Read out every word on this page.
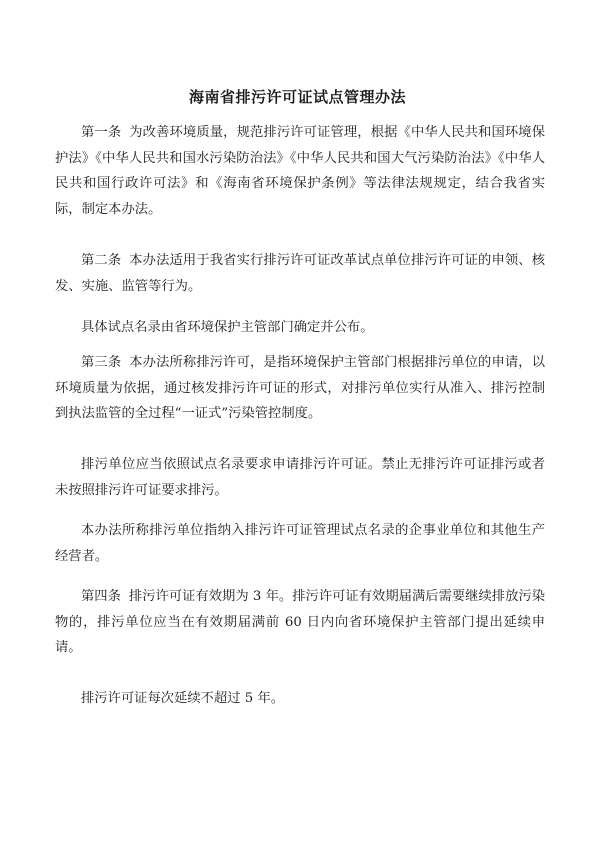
海南省排污许可证试点管理办法
第一条 为改善环境质量，规范排污许可证管理，根据《中华人民共和国环境保护法》《中华人民共和国水污染防治法》《中华人民共和国大气污染防治法》《中华人民共和国行政许可法》和《海南省环境保护条例》等法律法规规定，结合我省实际，制定本办法。
第二条 本办法适用于我省实行排污许可证改革试点单位排污许可证的申领、核发、实施、监管等行为。
具体试点名录由省环境保护主管部门确定并公布。
第三条 本办法所称排污许可，是指环境保护主管部门根据排污单位的申请，以环境质量为依据，通过核发排污许可证的形式，对排污单位实行从准入、排污控制到执法监管的全过程“一证式”污染管控制度。
排污单位应当依照试点名录要求申请排污许可证。禁止无排污许可证排污或者未按照排污许可证要求排污。
本办法所称排污单位指纳入排污许可证管理试点名录的企事业单位和其他生产经营者。
第四条 排污许可证有效期为 3 年。排污许可证有效期届满后需要继续排放污染物的，排污单位应当在有效期届满前 60 日内向省环境保护主管部门提出延续申请。
排污许可证每次延续不超过 5 年。
